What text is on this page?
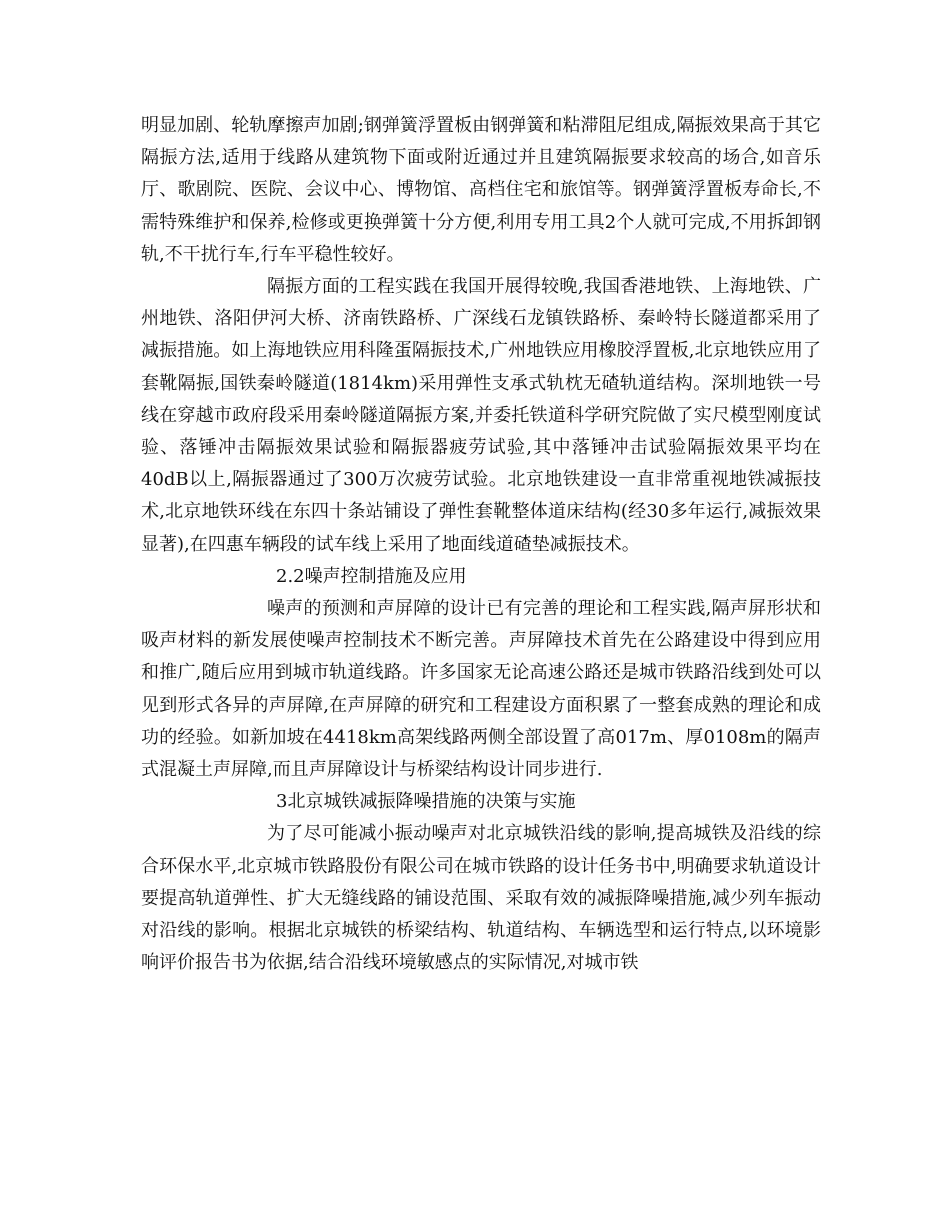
明显加剧、轮轨摩擦声加剧;钢弹簧浮置板由钢弹簧和粘滞阻尼组成,隔振效果高于其它隔振方法,适用于线路从建筑物下面或附近通过并且建筑隔振要求较高的场合,如音乐厅、歌剧院、医院、会议中心、博物馆、高档住宅和旅馆等。钢弹簧浮置板寿命长,不需特殊维护和保养,检修或更换弹簧十分方便,利用专用工具2个人就可完成,不用拆卸钢轨,不干扰行车,行车平稳性较好。

隔振方面的工程实践在我国开展得较晚,我国香港地铁、上海地铁、广州地铁、洛阳伊河大桥、济南铁路桥、广深线石龙镇铁路桥、秦岭特长隧道都采用了减振措施。如上海地铁应用科隆蛋隔振技术,广州地铁应用橡胶浮置板,北京地铁应用了套靴隔振,国铁秦岭隧道(1814km)采用弹性支承式轨枕无碴轨道结构。深圳地铁一号线在穿越市政府段采用秦岭隧道隔振方案,并委托铁道科学研究院做了实尺模型刚度试验、落锤冲击隔振效果试验和隔振器疲劳试验,其中落锤冲击试验隔振效果平均在40dB以上,隔振器通过了300万次疲劳试验。北京地铁建设一直非常重视地铁减振技术,北京地铁环线在东四十条站铺设了弹性套靴整体道床结构(经30多年运行,减振效果显著),在四惠车辆段的试车线上采用了地面线道碴垫减振技术。

2.2噪声控制措施及应用

噪声的预测和声屏障的设计已有完善的理论和工程实践,隔声屏形状和吸声材料的新发展使噪声控制技术不断完善。声屏障技术首先在公路建设中得到应用和推广,随后应用到城市轨道线路。许多国家无论高速公路还是城市铁路沿线到处可以见到形式各异的声屏障,在声屏障的研究和工程建设方面积累了一整套成熟的理论和成功的经验。如新加坡在4418km高架线路两侧全部设置了高017m、厚0108m的隔声式混凝土声屏障,而且声屏障设计与桥梁结构设计同步进行.

3北京城铁减振降噪措施的决策与实施

为了尽可能减小振动噪声对北京城铁沿线的影响,提高城铁及沿线的综合环保水平,北京城市铁路股份有限公司在城市铁路的设计任务书中,明确要求轨道设计要提高轨道弹性、扩大无缝线路的铺设范围、采取有效的减振降噪措施,减少列车振动对沿线的影响。根据北京城铁的桥梁结构、轨道结构、车辆选型和运行特点,以环境影响评价报告书为依据,结合沿线环境敏感点的实际情况,对城市铁
